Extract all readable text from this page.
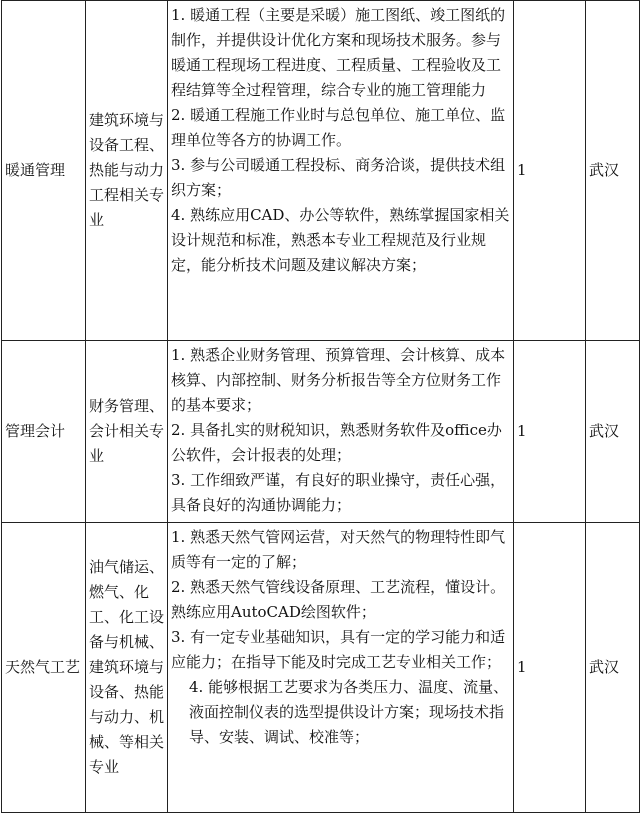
暖通管理	建筑环境与设备工程、热能与动力工程相关专业	1. 暖通工程（主要是采暖）施工图纸、竣工图纸的制作，并提供设计优化方案和现场技术服务。参与暖通工程现场工程进度、工程质量、工程验收及工程结算等全过程管理，综合专业的施工管理能力
2. 暖通工程施工作业时与总包单位、施工单位、监理单位等各方的协调工作。
3. 参与公司暖通工程投标、商务洽谈，提供技术组织方案；
4. 熟练应用CAD、办公等软件，熟练掌握国家相关设计规范和标准，熟悉本专业工程规范及行业规定，能分析技术问题及建议解决方案；	1	武汉
管理会计	财务管理、会计相关专业	1. 熟悉企业财务管理、预算管理、会计核算、成本核算、内部控制、财务分析报告等全方位财务工作的基本要求；
2. 具备扎实的财税知识，熟悉财务软件及office办公软件，会计报表的处理；
3. 工作细致严谨，有良好的职业操守，责任心强，具备良好的沟通协调能力；	1	武汉
天然气工艺	油气储运、燃气、化工、化工设备与机械、建筑环境与设备、热能与动力、机械、等相关专业	1. 熟悉天然气管网运营，对天然气的物理特性即气质等有一定的了解；
2. 熟悉天然气管线设备原理、工艺流程，懂设计。熟练应用AutoCAD绘图软件；
3. 有一定专业基础知识，具有一定的学习能力和适应能力；在指导下能及时完成工艺专业相关工作；
4. 能够根据工艺要求为各类压力、温度、流量、液面控制仪表的选型提供设计方案；现场技术指导、安装、调试、校准等；	1	武汉
